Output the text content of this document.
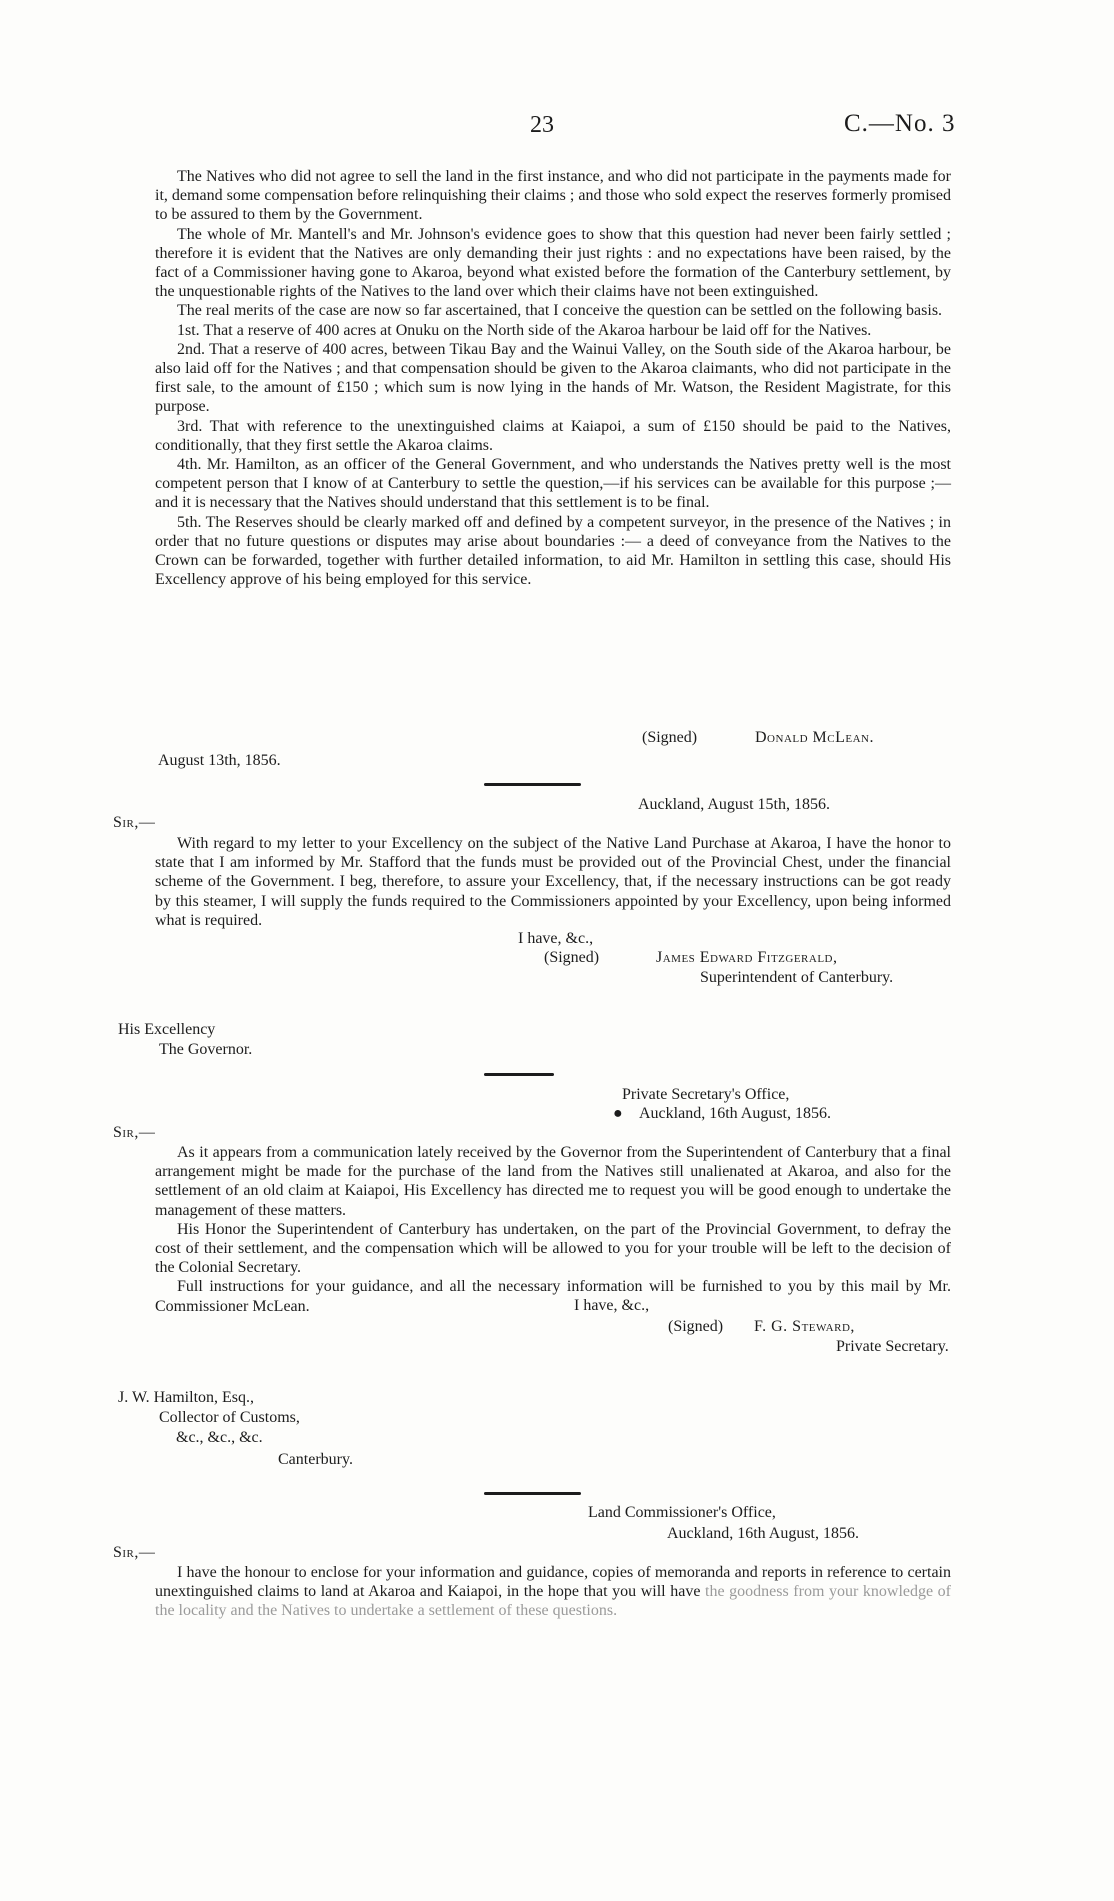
23	C.—No. 3

The Natives who did not agree to sell the land in the first instance, and who did not participate in the payments made for it, demand some compensation before relinquishing their claims ; and those who sold expect the reserves formerly promised to be assured to them by the Government.

The whole of Mr. Mantell's and Mr. Johnson's evidence goes to show that this question had never been fairly settled ; therefore it is evident that the Natives are only demanding their just rights : and no expectations have been raised, by the fact of a Commissioner having gone to Akaroa, beyond what existed before the formation of the Canterbury settlement, by the unquestionable rights of the Natives to the land over which their claims have not been extinguished.

The real merits of the case are now so far ascertained, that I conceive the question can be settled on the following basis.

1st. That a reserve of 400 acres at Onuku on the North side of the Akaroa harbour be laid off for the Natives.

2nd. That a reserve of 400 acres, between Tikau Bay and the Wainui Valley, on the South side of the Akaroa harbour, be also laid off for the Natives ; and that compensation should be given to the Akaroa claimants, who did not participate in the first sale, to the amount of £150 ; which sum is now lying in the hands of Mr. Watson, the Resident Magistrate, for this purpose.

3rd. That with reference to the unextinguished claims at Kaiapoi, a sum of £150 should be paid to the Natives, conditionally, that they first settle the Akaroa claims.

4th. Mr. Hamilton, as an officer of the General Government, and who understands the Natives pretty well is the most competent person that I know of at Canterbury to settle the question,—if his services can be available for this purpose ;—and it is necessary that the Natives should understand that this settlement is to be final.

5th. The Reserves should be clearly marked off and defined by a competent surveyor, in the presence of the Natives ; in order that no future questions or disputes may arise about boundaries :— a deed of conveyance from the Natives to the Crown can be forwarded, together with further detailed information, to aid Mr. Hamilton in settling this case, should His Excellency approve of his being employed for this service.

(Signed)	Donald McLean.
August 13th, 1856.
Auckland, August 15th, 1856.
Sir,—

With regard to my letter to your Excellency on the subject of the Native Land Purchase at Akaroa, I have the honor to state that I am informed by Mr. Stafford that the funds must be provided out of the Provincial Chest, under the financial scheme of the Government. I beg, therefore, to assure your Excellency, that, if the necessary instructions can be got ready by this steamer, I will supply the funds required to the Commissioners appointed by your Excellency, upon being informed what is required.

I have, &c.,
(Signed)	James Edward Fitzgerald,
Superintendent of Canterbury.
His Excellency
The Governor.
Private Secretary's Office,
● Auckland, 16th August, 1856.
Sir,—

As it appears from a communication lately received by the Governor from the Superintendent of Canterbury that a final arrangement might be made for the purchase of the land from the Natives still unalienated at Akaroa, and also for the settlement of an old claim at Kaiapoi, His Excellency has directed me to request you will be good enough to undertake the management of these matters.

His Honor the Superintendent of Canterbury has undertaken, on the part of the Provincial Government, to defray the cost of their settlement, and the compensation which will be allowed to you for your trouble will be left to the decision of the Colonial Secretary.

Full instructions for your guidance, and all the necessary information will be furnished to you by this mail by Mr. Commissioner McLean.	I have, &c.,
(Signed) F. G. Steward,
Private Secretary.
J. W. Hamilton, Esq.,
Collector of Customs,
&c., &c., &c.
Canterbury.
Land Commissioner's Office,
Auckland, 16th August, 1856.
Sir,—

I have the honour to enclose for your information and guidance, copies of memoranda and reports in reference to certain unextinguished claims to land at Akaroa and Kaiapoi, in the hope that you will have the goodness from your knowledge of the locality and the Natives to undertake a settlement of these questions.
